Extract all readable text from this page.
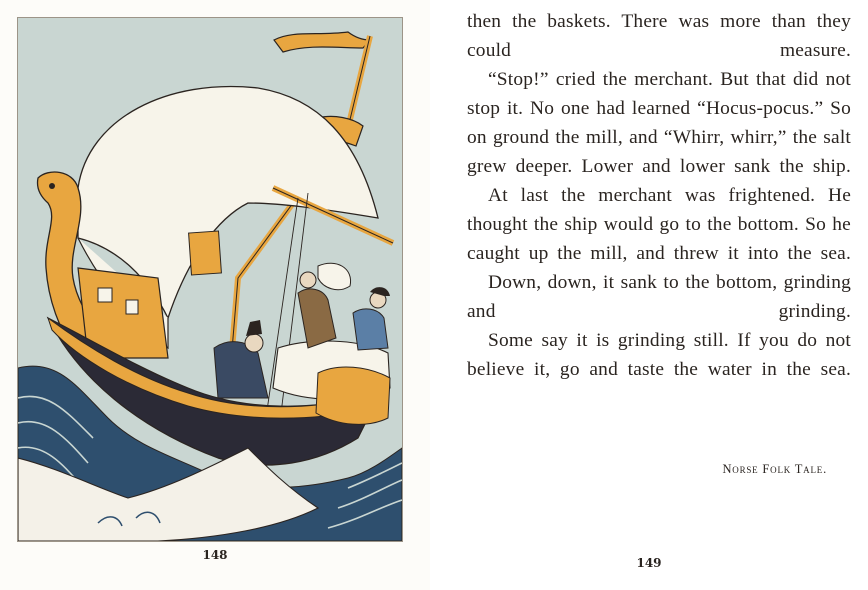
148

then the baskets. There was more than they could measure.

“Stop!” cried the merchant. But that did not stop it. No one had learned “Hocus-pocus.” So on ground the mill, and “Whirr, whirr,” the salt grew deeper. Lower and lower sank the ship.

At last the merchant was frightened. He thought the ship would go to the bottom. So he caught up the mill, and threw it into the sea.

Down, down, it sank to the bottom, grinding and grinding.

Some say it is grinding still. If you do not believe it, go and taste the water in the sea.

Norse Folk Tale.
149
